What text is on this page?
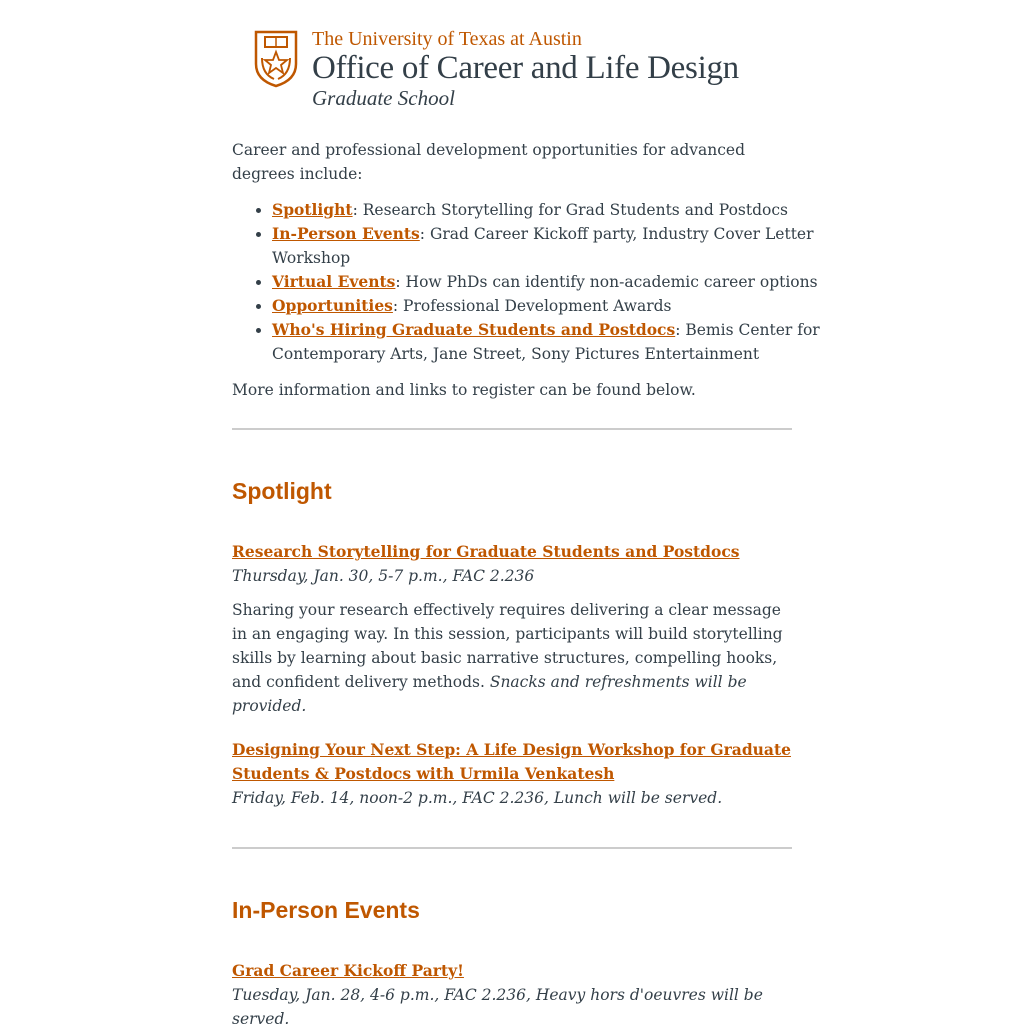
The University of Texas at Austin
Office of Career and Life Design
Graduate School

Career and professional development opportunities for advanced degrees include:

• Spotlight: Research Storytelling for Grad Students and Postdocs
• In-Person Events: Grad Career Kickoff party, Industry Cover Letter Workshop
• Virtual Events: How PhDs can identify non-academic career options
• Opportunities: Professional Development Awards
• Who's Hiring Graduate Students and Postdocs: Bemis Center for Contemporary Arts, Jane Street, Sony Pictures Entertainment

More information and links to register can be found below.

Spotlight

Research Storytelling for Graduate Students and Postdocs

Thursday, Jan. 30, 5-7 p.m., FAC 2.236

Sharing your research effectively requires delivering a clear message in an engaging way. In this session, participants will build storytelling skills by learning about basic narrative structures, compelling hooks, and confident delivery methods. Snacks and refreshments will be provided.

Designing Your Next Step: A Life Design Workshop for Graduate Students & Postdocs with Urmila Venkatesh

Friday, Feb. 14, noon-2 p.m., FAC 2.236, Lunch will be served.

In-Person Events

Grad Career Kickoff Party!

Tuesday, Jan. 28, 4-6 p.m., FAC 2.236, Heavy hors d'oeuvres will be served.
